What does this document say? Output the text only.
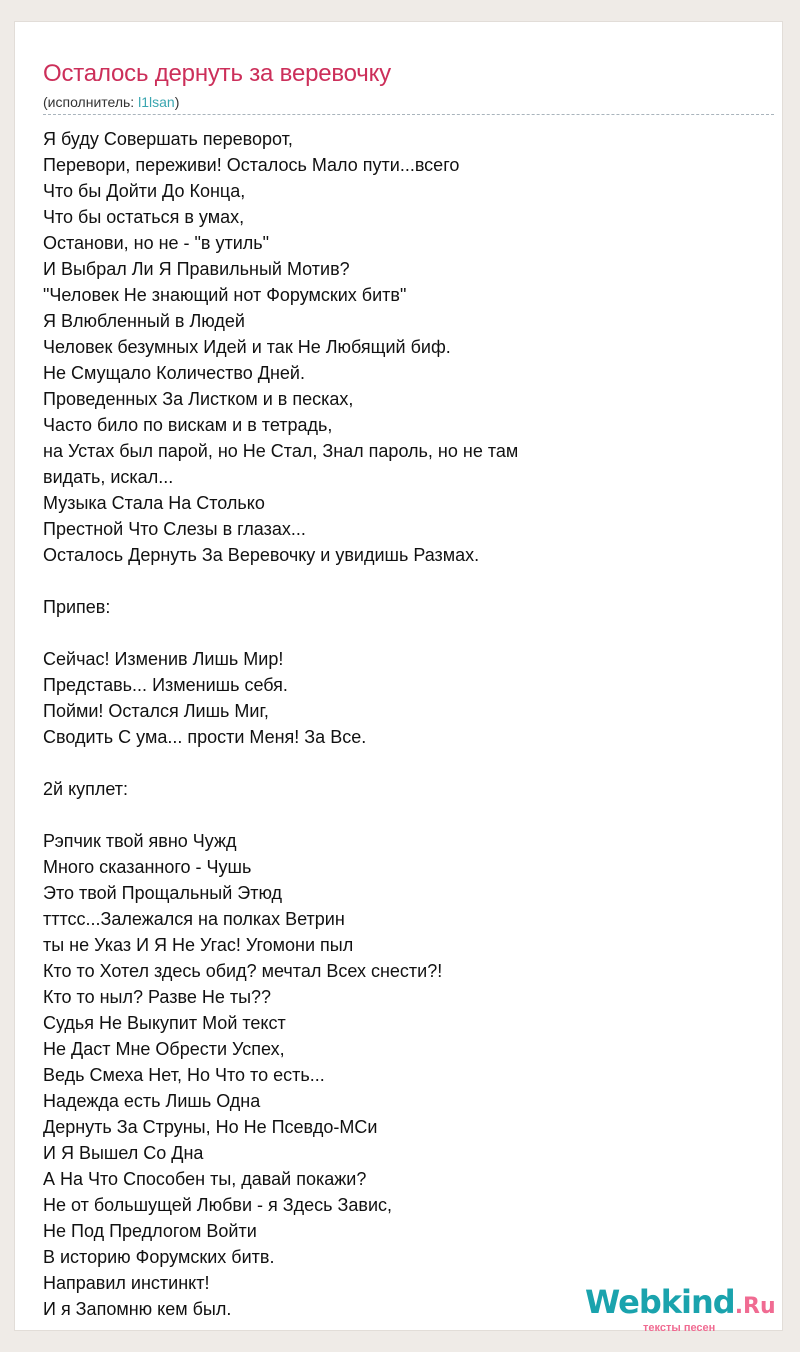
Осталось дернуть за веревочку
(исполнитель: l1lsan)
Я буду Совершать переворот,
Перевори, переживи! Осталось Мало пути...всего
Что бы Дойти До Конца,
Что бы остаться в умах,
Останови, но не - "в утиль"
И Выбрал Ли Я Правильный Мотив?
"Человек Не знающий нот Форумских битв"
Я Влюбленный в Людей
Человек безумных Идей и так Не Любящий биф.
Не Смущало Количество Дней.
Проведенных За Листком и в песках,
Часто било по вискам и в тетрадь,
на Устах был парой, но Не Стал, Знал пароль, но не там
видать, искал...
Музыка Стала На Столько
Престной Что Слезы в глазах...
Осталось Дернуть За Веревочку и увидишь Размах.
Припев:
Сейчас! Изменив Лишь Мир!
Представь... Изменишь себя.
Пойми! Остался Лишь Миг,
Сводить С ума... прости Меня! За Все.
2й куплет:
Рэпчик твой явно Чужд
Много сказанного - Чушь
Это твой Прощальный Этюд
тттсс...Залежался на полках Ветрин
ты не Указ И Я Не Угас! Угомони пыл
Кто то Хотел здесь обид? мечтал Всех снести?!
Кто то ныл? Разве Не ты??
Судья Не Выкупит Мой текст
Не Даст Мне Обрести Успех,
Ведь Смеха Нет, Но Что то есть...
Надежда есть Лишь Одна
Дернуть За Струны, Но Не Псевдо-МСи
И Я Вышел Со Дна
А На Что Способен ты, давай покажи?
Не от большущей Любви - я Здесь Завис,
Не Под Предлогом Войти
В историю Форумских битв.
Направил инстинкт!
И я Запомню кем был.	Webkind.Ru
тексты песен
